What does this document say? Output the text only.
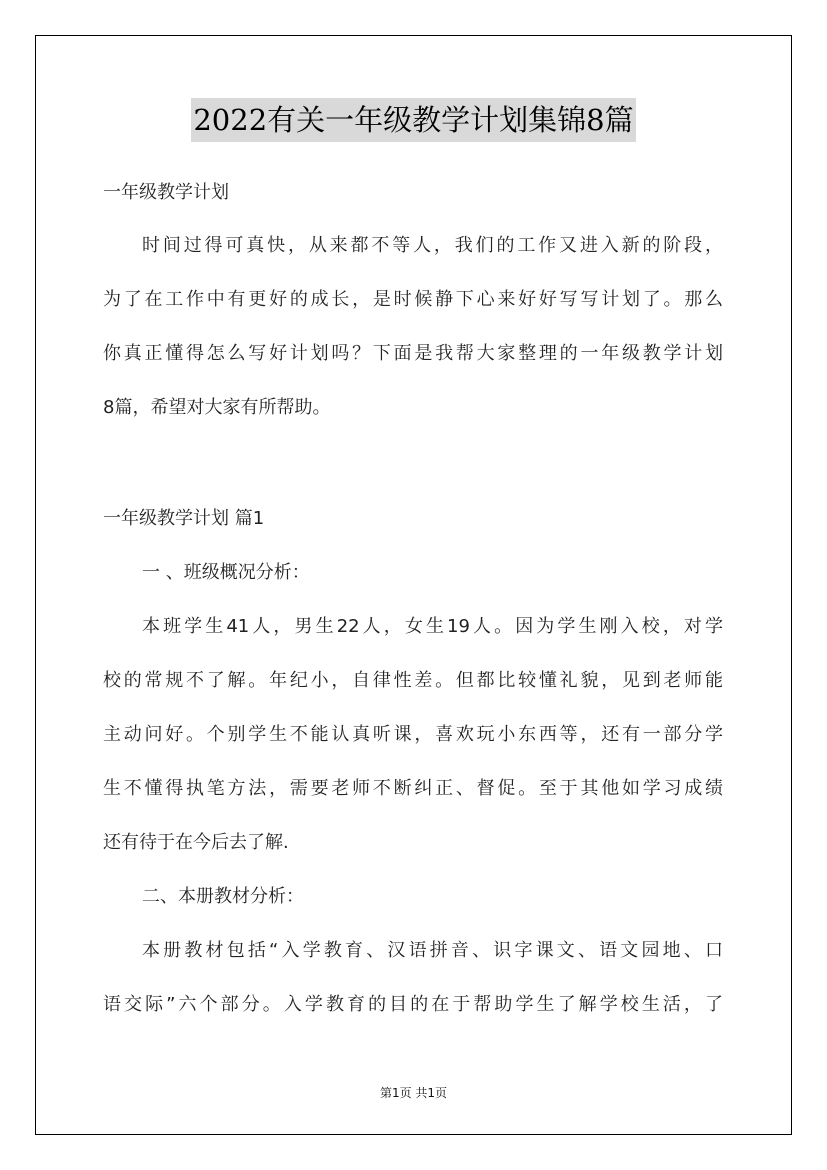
2022有关一年级教学计划集锦8篇
一年级教学计划
时间过得可真快，从来都不等人，我们的工作又进入新的阶段，
为了在工作中有更好的成长，是时候静下心来好好写写计划了。那么
你真正懂得怎么写好计划吗？下面是我帮大家整理的一年级教学计划
8篇，希望对大家有所帮助。
一年级教学计划 篇1
一 、班级概况分析：
本班学生41人，男生22人，女生19人。因为学生刚入校，对学
校的常规不了解。年纪小，自律性差。但都比较懂礼貌，见到老师能
主动问好。个别学生不能认真听课，喜欢玩小东西等，还有一部分学
生不懂得执笔方法，需要老师不断纠正、督促。至于其他如学习成绩
还有待于在今后去了解.
二、本册教材分析：
本册教材包括“入学教育、汉语拼音、识字课文、语文园地、口
语交际”六个部分。入学教育的目的在于帮助学生了解学校生活，了
第1页 共1页
